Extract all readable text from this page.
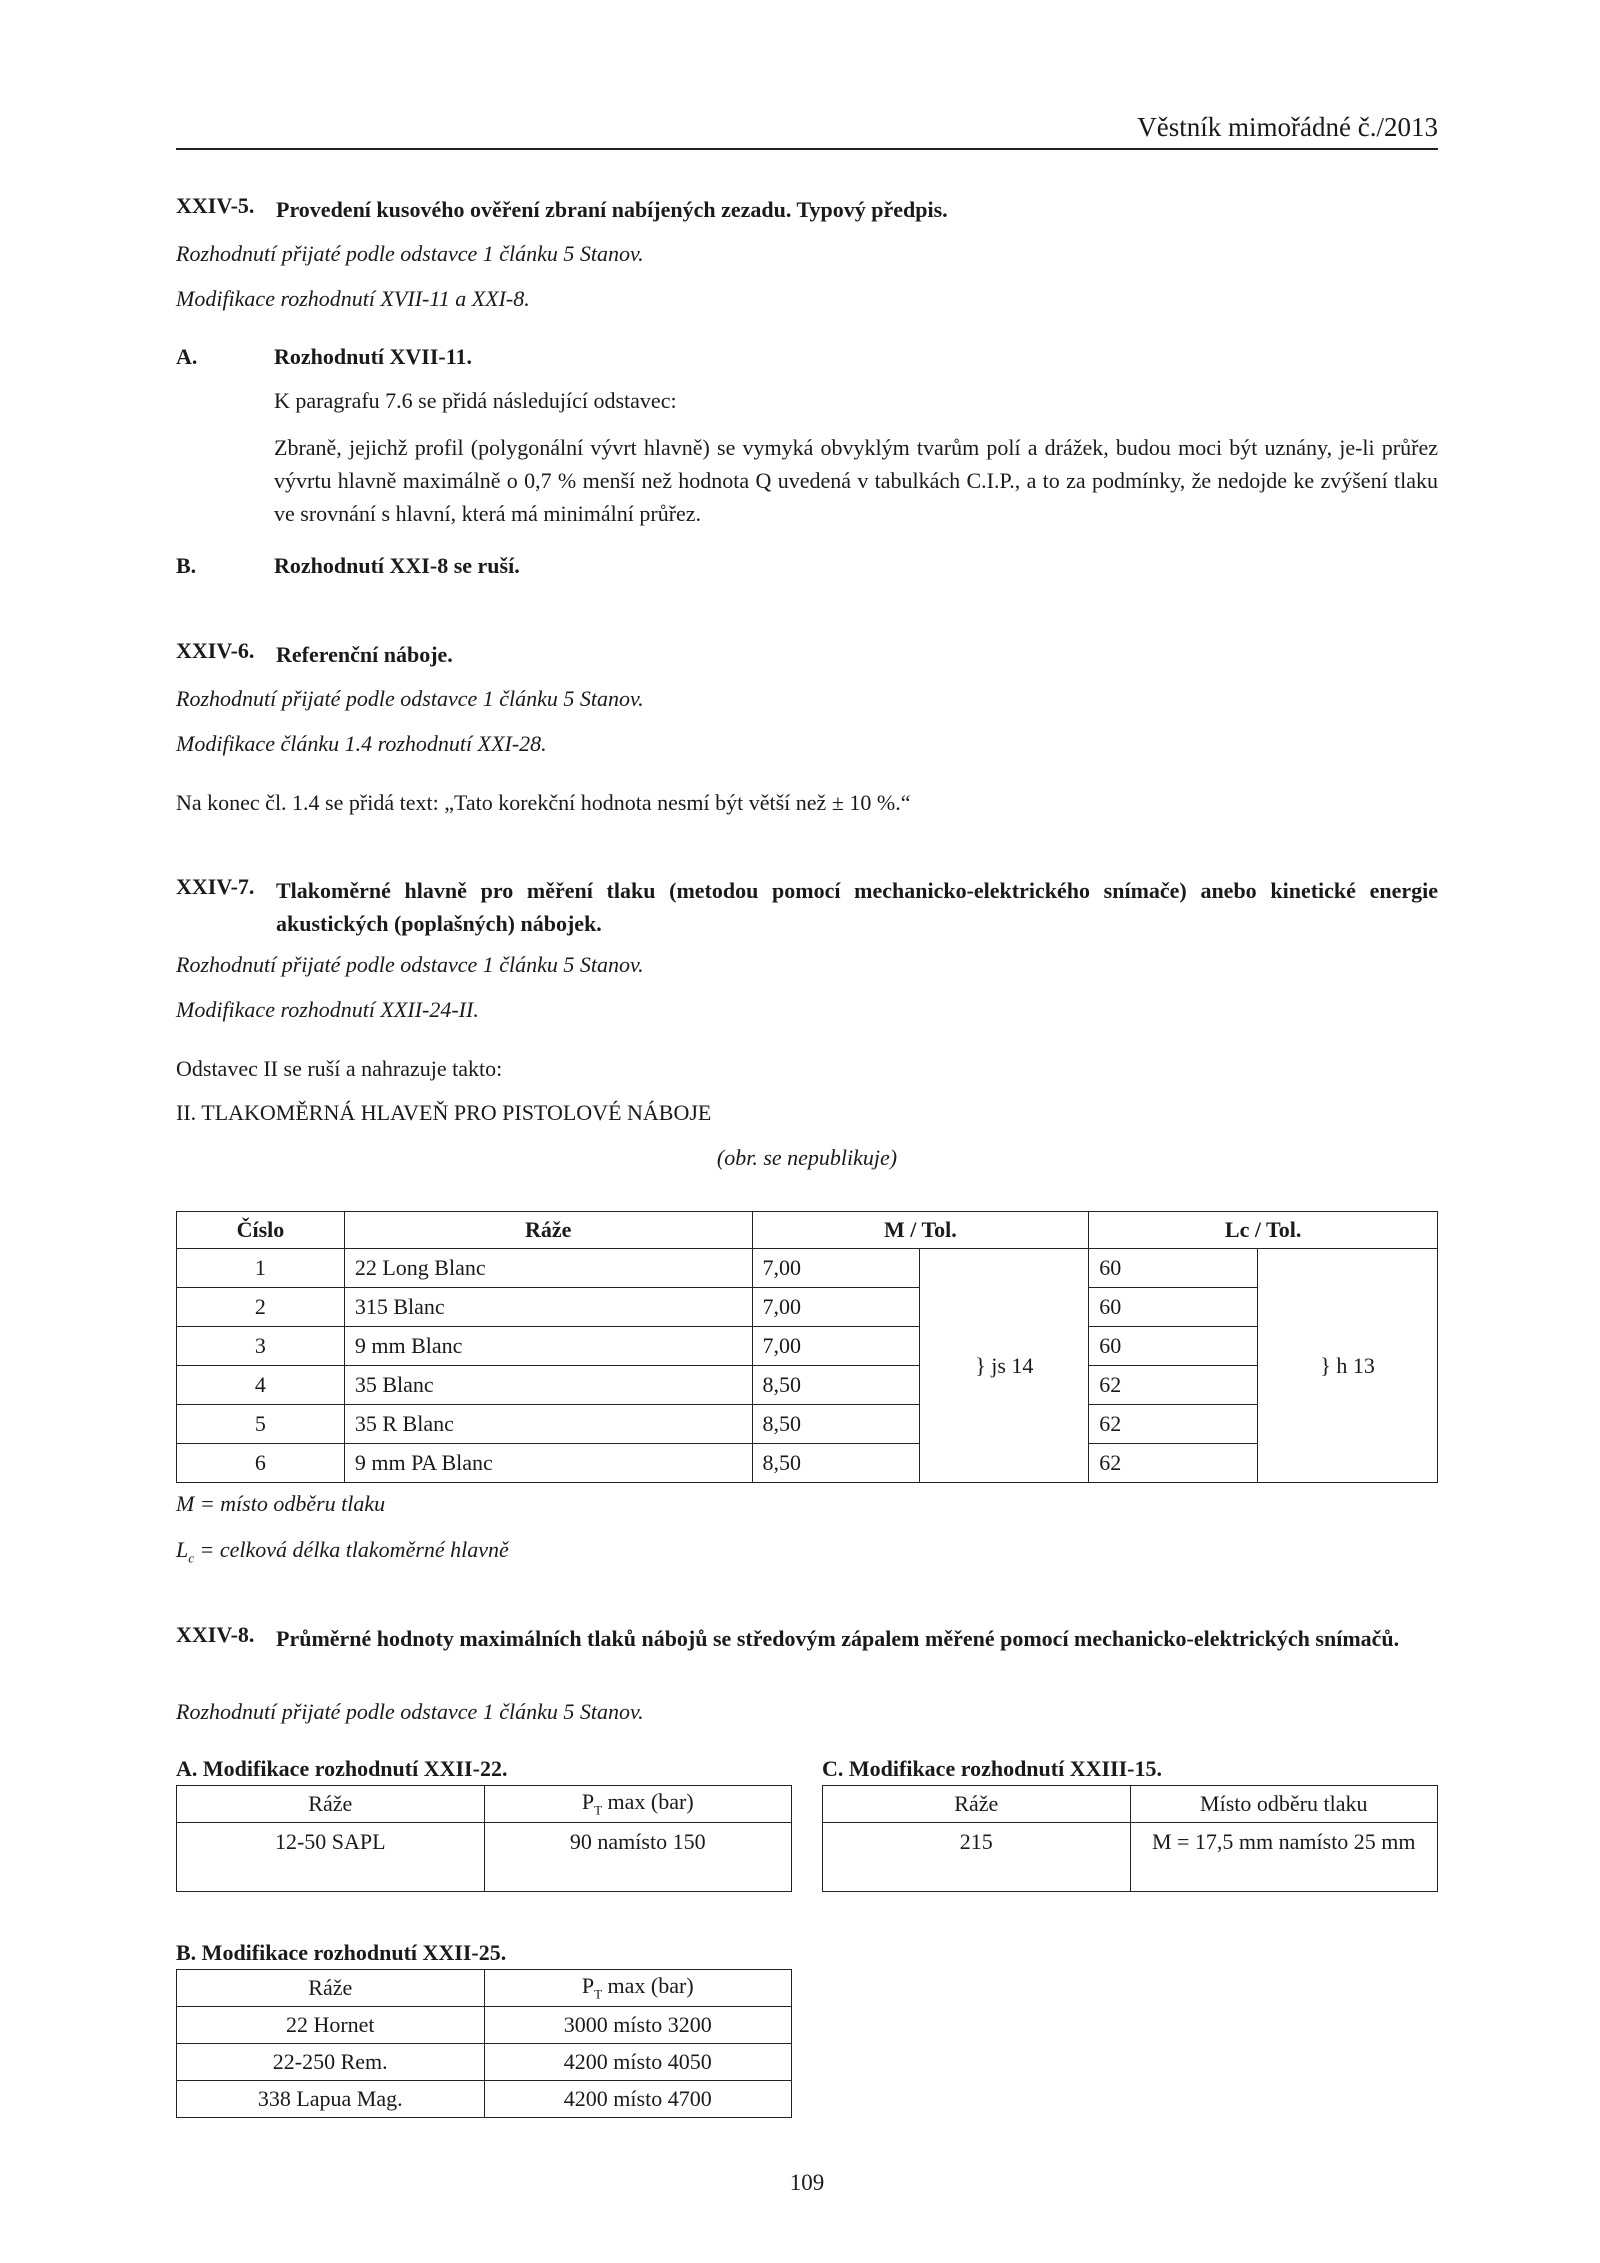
Věstník mimořádné č./2013
XXIV-5. Provedení kusového ověření zbraní nabíjených zezadu. Typový předpis.
Rozhodnutí přijaté podle odstavce 1 článku 5 Stanov.
Modifikace rozhodnutí XVII-11 a XXI-8.
A.	Rozhodnutí XVII-11.
K paragrafu 7.6 se přidá následující odstavec:
Zbraně, jejichž profil (polygonální vývrt hlavně) se vymyká obvyklým tvarům polí a drážek, budou moci být uznány, je-li průřez vývrtu hlavně maximálně o 0,7 % menší než hodnota Q uvedená v tabulkách C.I.P., a to za podmínky, že nedojde ke zvýšení tlaku ve srovnání s hlavní, která má minimální průřez.
B.	Rozhodnutí XXI-8 se ruší.
XXIV-6. Referenční náboje.
Rozhodnutí přijaté podle odstavce 1 článku 5 Stanov.
Modifikace článku 1.4 rozhodnutí XXI-28.
Na konec čl. 1.4 se přidá text: „Tato korekční hodnota nesmí být větší než ± 10 %.“
XXIV-7. Tlakoměrné hlavně pro měření tlaku (metodou pomocí mechanicko-elektrického snímače) anebo kinetické energie akustických (poplašných) nábojek.
Rozhodnutí přijaté podle odstavce 1 článku 5 Stanov.
Modifikace rozhodnutí XXII-24-II.
Odstavec II se ruší a nahrazuje takto:
II. TLAKOMĚRNÁ HLAVEŇ PRO PISTOLOVÉ NÁBOJE
(obr. se nepublikuje)
Číslo	Ráže	M / Tol.		Lc / Tol.	
1	22 Long Blanc	7,00	} js 14	60	} h 13
2	315 Blanc	7,00		60	
3	9 mm Blanc	7,00		60	
4	35 Blanc	8,50		62	
5	35 R Blanc	8,50		62	
6	9 mm PA Blanc	8,50		62	
M = místo odběru tlaku
$L_c$ = celková délka tlakoměrné hlavně
XXIV-8. Průměrné hodnoty maximálních tlaků nábojů se středovým zápalem měřené pomocí mechanicko-elektrických snímačů.
Rozhodnutí přijaté podle odstavce 1 článku 5 Stanov.
A. Modifikace rozhodnutí XXII-22.
Ráže	$P_T$ max (bar)
12-50 SAPL	90 namísto 150
C. Modifikace rozhodnutí XXIII-15.
Ráže	Místo odběru tlaku
215	M = 17,5 mm namísto 25 mm
B. Modifikace rozhodnutí XXII-25.
Ráže	$P_T$ max (bar)
22 Hornet	3000 místo 3200
22-250 Rem.	4200 místo 4050
338 Lapua Mag.	4200 místo 4700
109
